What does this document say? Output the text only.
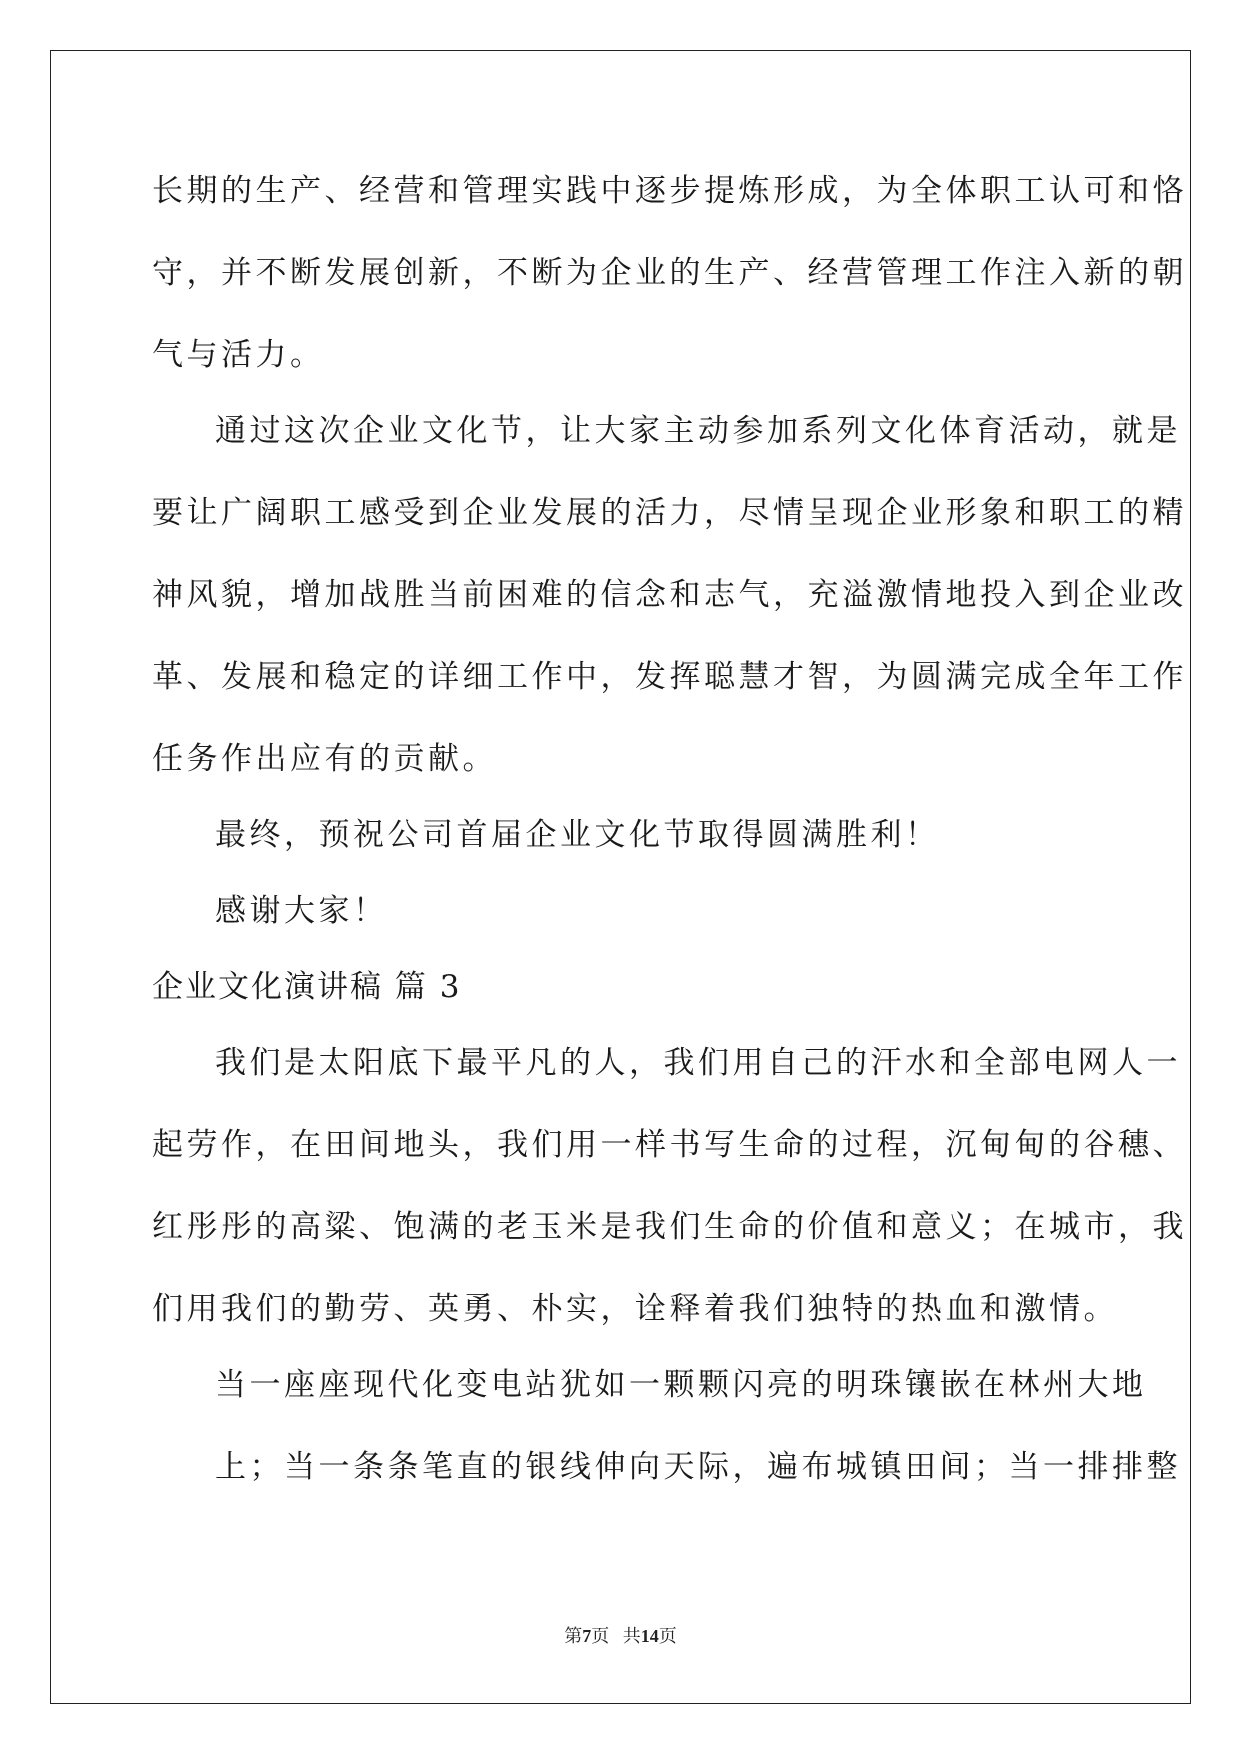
长期的生产、经营和管理实践中逐步提炼形成，为全体职工认可和恪
守，并不断发展创新，不断为企业的生产、经营管理工作注入新的朝
气与活力。
通过这次企业文化节，让大家主动参加系列文化体育活动，就是
要让广阔职工感受到企业发展的活力，尽情呈现企业形象和职工的精
神风貌，增加战胜当前困难的信念和志气，充溢激情地投入到企业改
革、发展和稳定的详细工作中，发挥聪慧才智，为圆满完成全年工作
任务作出应有的贡献。
最终，预祝公司首届企业文化节取得圆满胜利！
感谢大家！
企业文化演讲稿 篇 3
我们是太阳底下最平凡的人，我们用自己的汗水和全部电网人一
起劳作，在田间地头，我们用一样书写生命的过程，沉甸甸的谷穗、
红彤彤的高粱、饱满的老玉米是我们生命的价值和意义；在城市，我
们用我们的勤劳、英勇、朴实，诠释着我们独特的热血和激情。
当一座座现代化变电站犹如一颗颗闪亮的明珠镶嵌在林州大地
上；当一条条笔直的银线伸向天际，遍布城镇田间；当一排排整
第7页 共14页
